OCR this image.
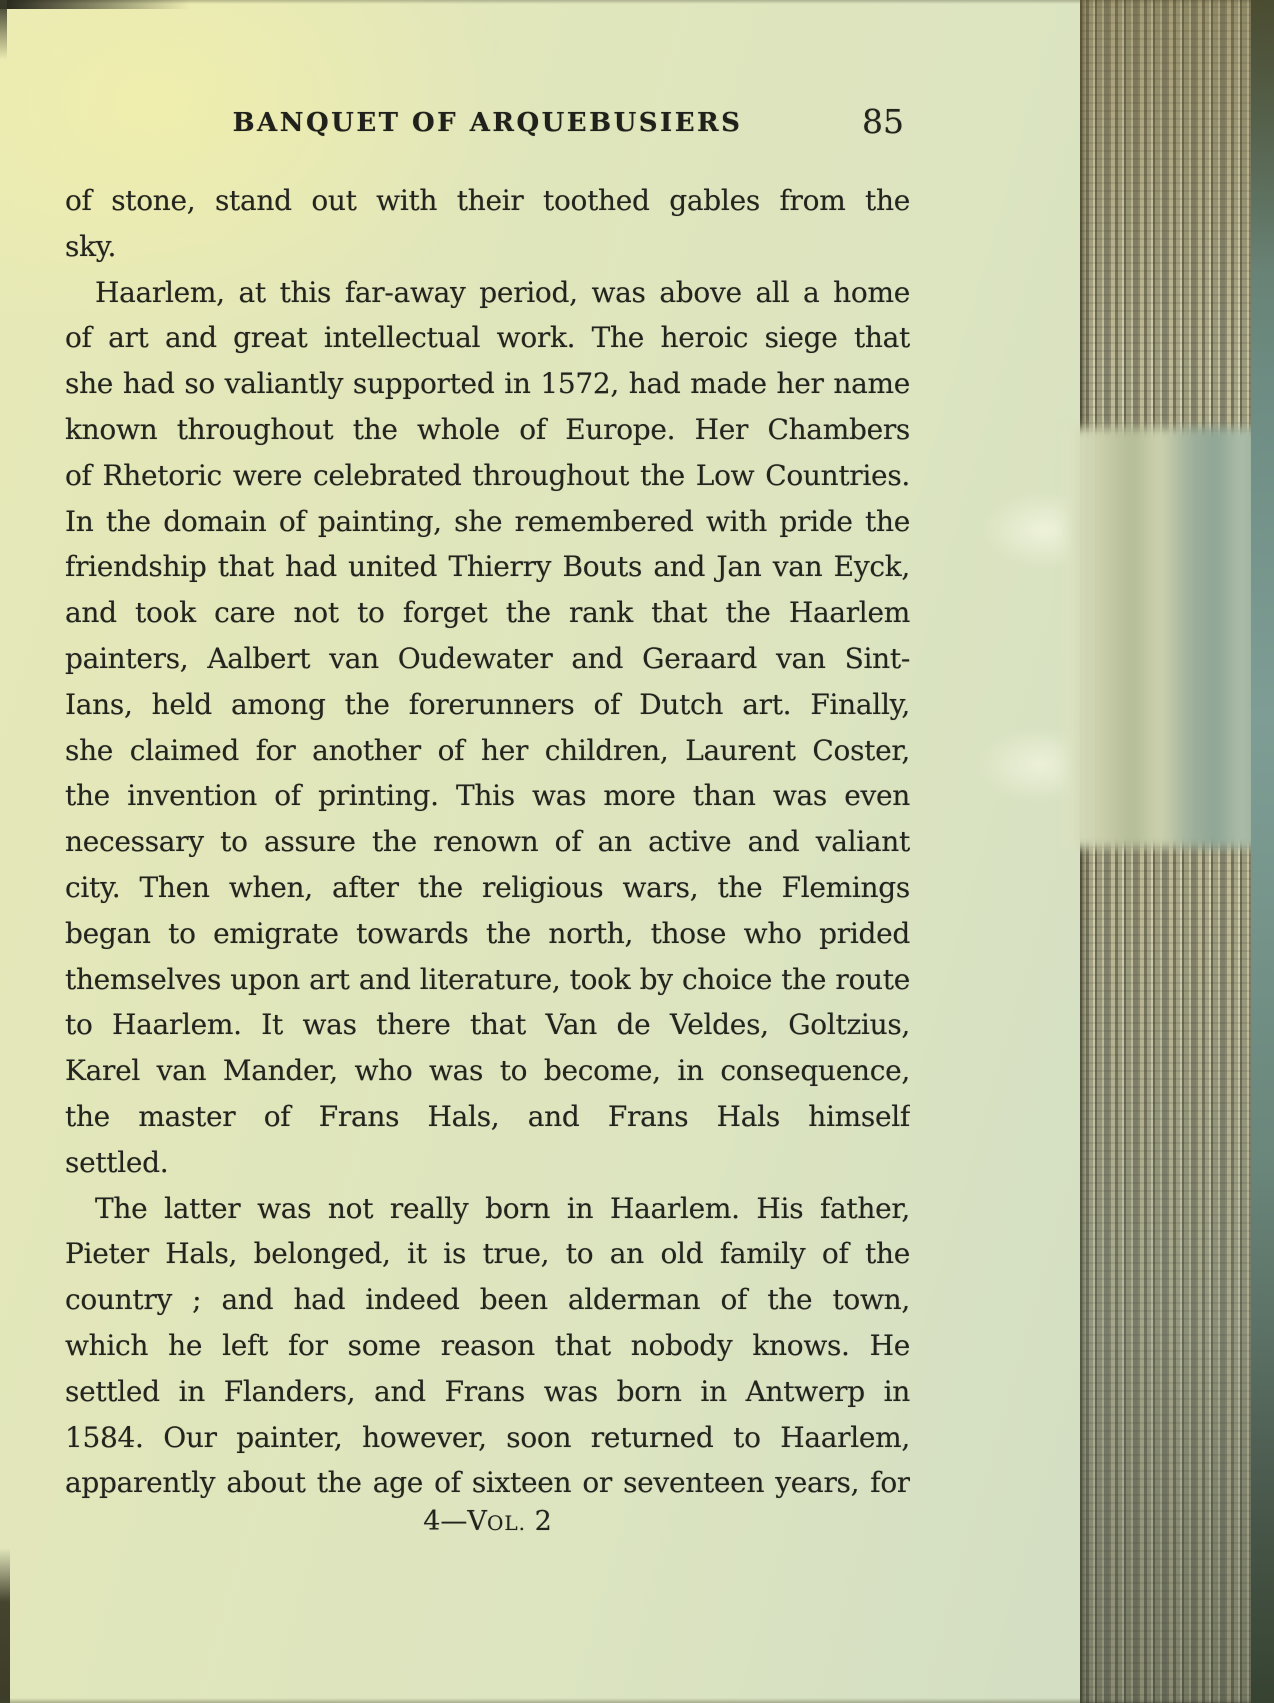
BANQUET OF ARQUEBUSIERS	85
of stone, stand out with their toothed gables from the
sky.
Haarlem, at this far-away period, was above all a home
of art and great intellectual work. The heroic siege that
she had so valiantly supported in 1572, had made her name
known throughout the whole of Europe. Her Chambers
of Rhetoric were celebrated throughout the Low Countries.
In the domain of painting, she remembered with pride the
friendship that had united Thierry Bouts and Jan van Eyck,
and took care not to forget the rank that the Haarlem
painters, Aalbert van Oudewater and Geraard van Sint-
Ians, held among the forerunners of Dutch art. Finally,
she claimed for another of her children, Laurent Coster,
the invention of printing. This was more than was even
necessary to assure the renown of an active and valiant
city. Then when, after the religious wars, the Flemings
began to emigrate towards the north, those who prided
themselves upon art and literature, took by choice the route
to Haarlem. It was there that Van de Veldes, Goltzius,
Karel van Mander, who was to become, in consequence,
the master of Frans Hals, and Frans Hals himself
settled.
The latter was not really born in Haarlem. His father,
Pieter Hals, belonged, it is true, to an old family of the
country ; and had indeed been alderman of the town,
which he left for some reason that nobody knows. He
settled in Flanders, and Frans was born in Antwerp in
1584. Our painter, however, soon returned to Haarlem,
apparently about the age of sixteen or seventeen years, for
4—VOL. 2
